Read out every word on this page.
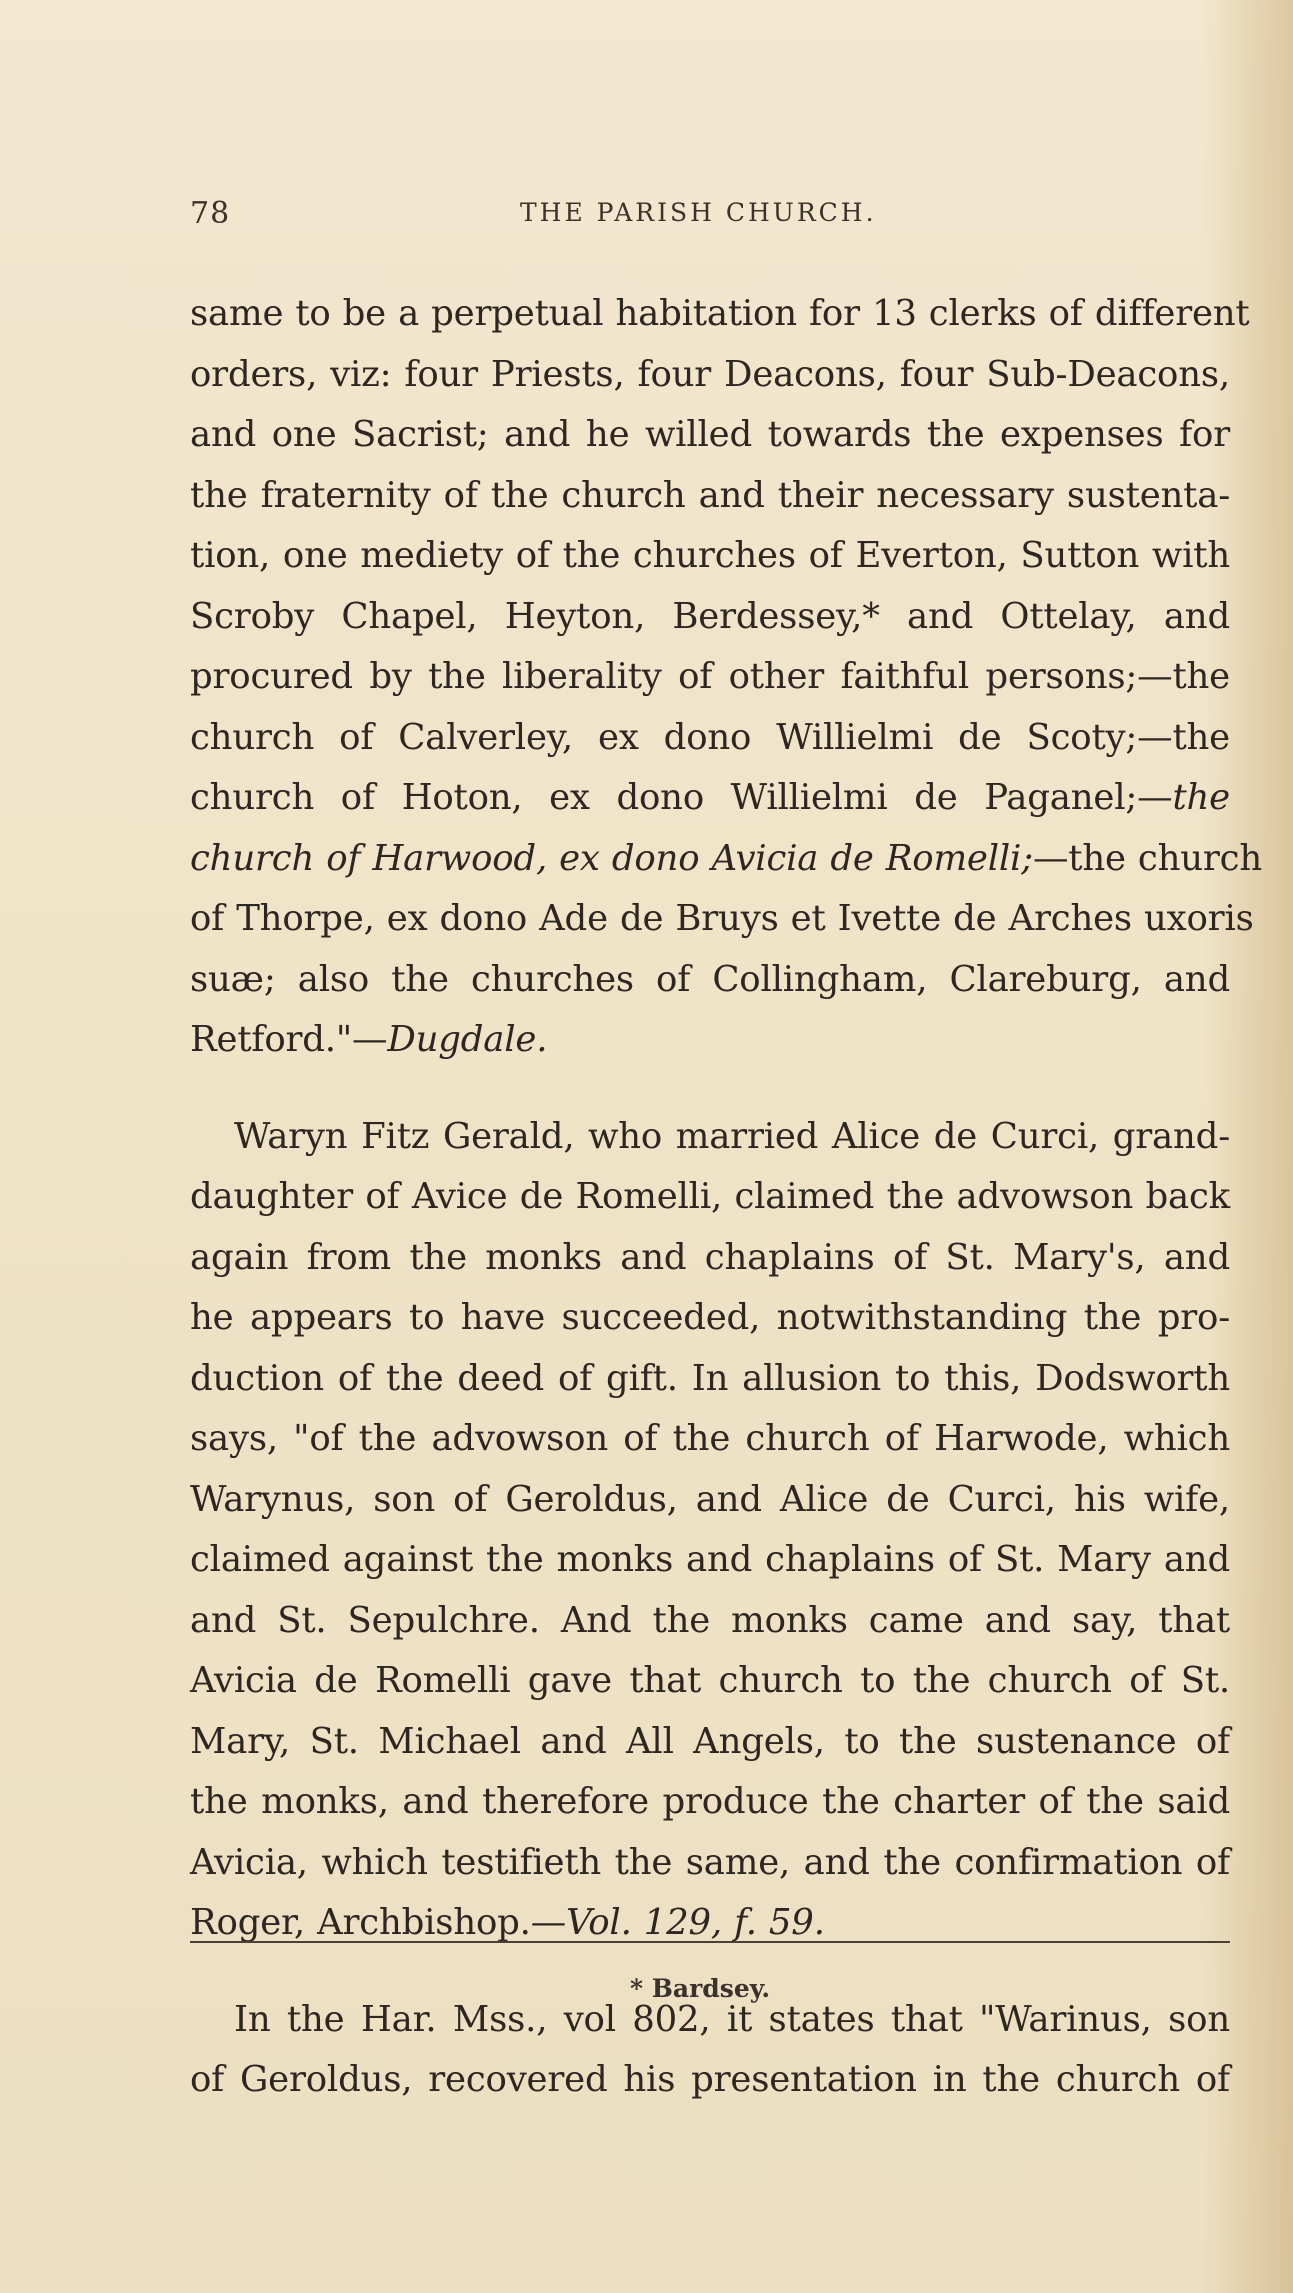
78	THE PARISH CHURCH.
same to be a perpetual habitation for 13 clerks of different
orders, viz: four Priests, four Deacons, four Sub-Deacons,
and one Sacrist; and he willed towards the expenses for
the fraternity of the church and their necessary sustenta-
tion, one mediety of the churches of Everton, Sutton with
Scroby Chapel, Heyton, Berdessey,* and Ottelay, and
procured by the liberality of other faithful persons;—the
church of Calverley, ex dono Willielmi de Scoty;—the
church of Hoton, ex dono Willielmi de Paganel;—the
church of Harwood, ex dono Avicia de Romelli;—the church
of Thorpe, ex dono Ade de Bruys et Ivette de Arches uxoris
suæ; also the churches of Collingham, Clareburg, and
Retford."—Dugdale.
Waryn Fitz Gerald, who married Alice de Curci, grand-
daughter of Avice de Romelli, claimed the advowson back
again from the monks and chaplains of St. Mary's, and
he appears to have succeeded, notwithstanding the pro-
duction of the deed of gift. In allusion to this, Dodsworth
says, "of the advowson of the church of Harwode, which
Warynus, son of Geroldus, and Alice de Curci, his wife,
claimed against the monks and chaplains of St. Mary and
and St. Sepulchre. And the monks came and say, that
Avicia de Romelli gave that church to the church of St.
Mary, St. Michael and All Angels, to the sustenance of
the monks, and therefore produce the charter of the said
Avicia, which testifieth the same, and the confirmation of
Roger, Archbishop.—Vol. 129, f. 59.
In the Har. Mss., vol 802, it states that "Warinus, son
of Geroldus, recovered his presentation in the church of
* Bardsey.
